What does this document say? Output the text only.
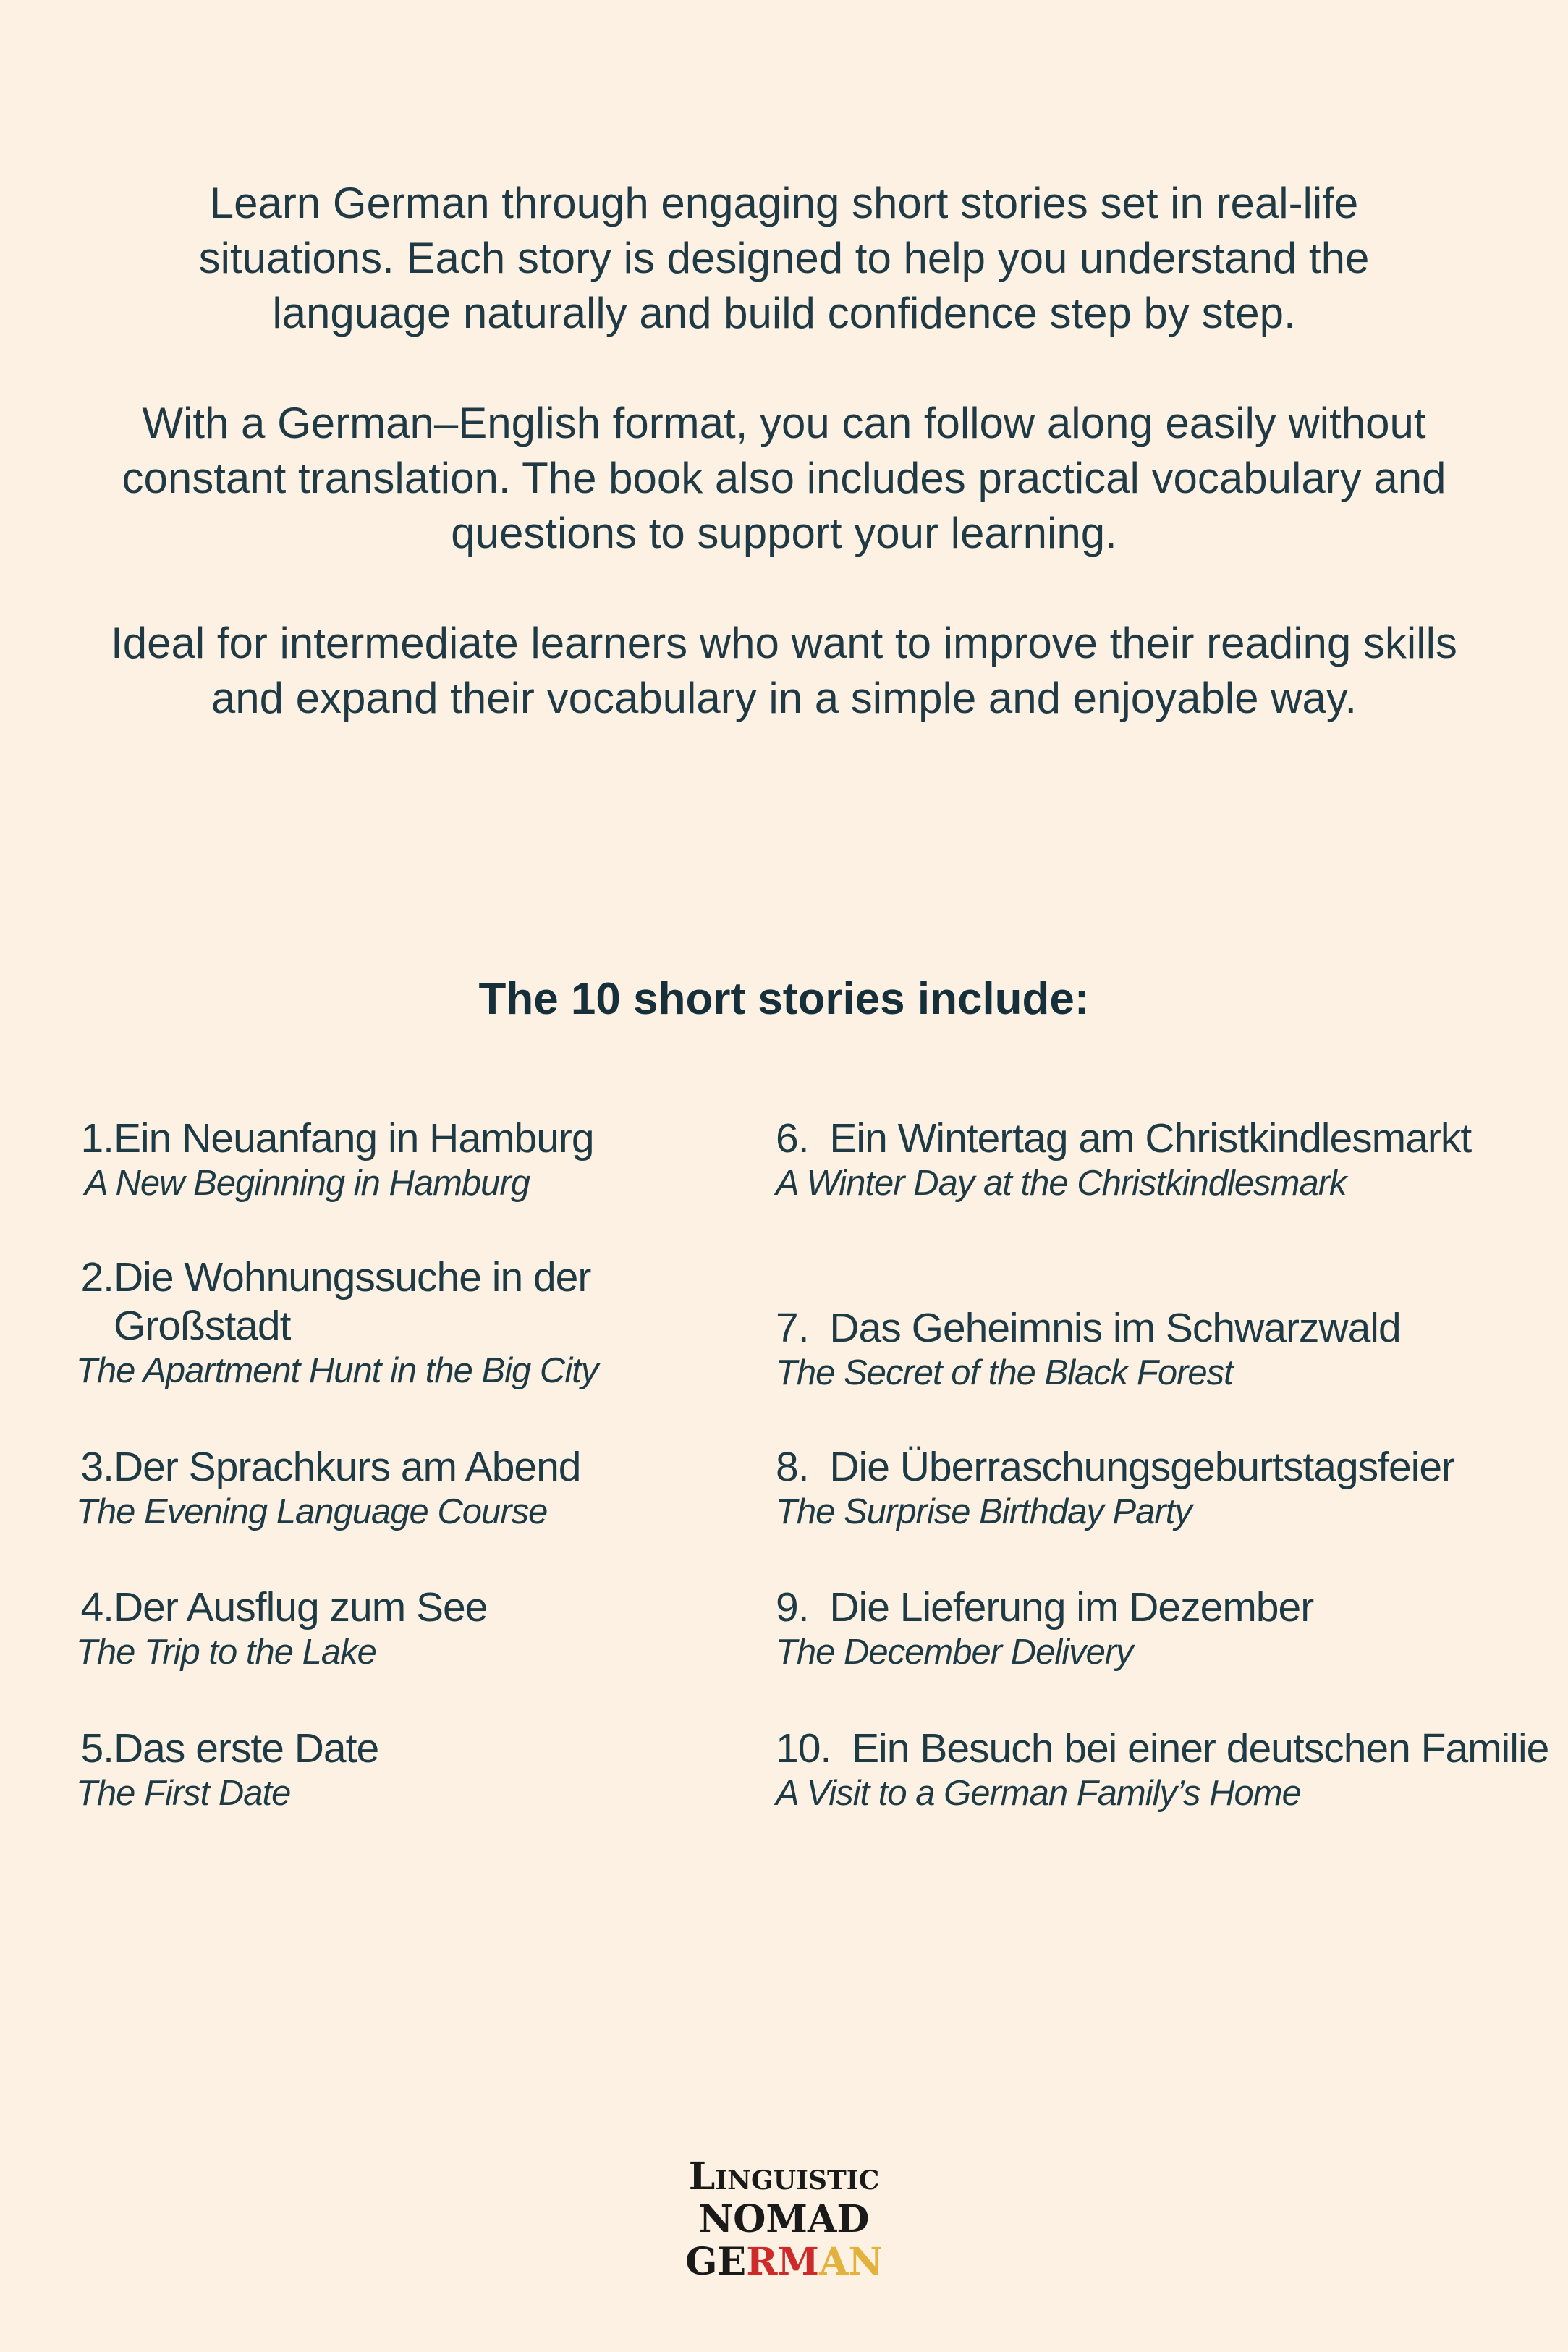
Learn German through engaging short stories set in real-life situations. Each story is designed to help you understand the language naturally and build confidence step by step.

With a German–English format, you can follow along easily without constant translation. The book also includes practical vocabulary and questions to support your learning.

Ideal for intermediate learners who want to improve their reading skills and expand their vocabulary in a simple and enjoyable way.

The 10 short stories include:
1. Ein Neuanfang in Hamburg
A New Beginning in Hamburg
2. Die Wohnungssuche in der Großstadt
The Apartment Hunt in the Big City
3. Der Sprachkurs am Abend
The Evening Language Course
4. Der Ausflug zum See
The Trip to the Lake
5. Das erste Date
The First Date
6. Ein Wintertag am Christkindlesmarkt
A Winter Day at the Christkindlesmark
7. Das Geheimnis im Schwarzwald
The Secret of the Black Forest
8. Die Überraschungsgeburtstagsfeier
The Surprise Birthday Party
9. Die Lieferung im Dezember
The December Delivery
10. Ein Besuch bei einer deutschen Familie
A Visit to a German Family’s Home
Linguistic
NOMAD
GERMAN
